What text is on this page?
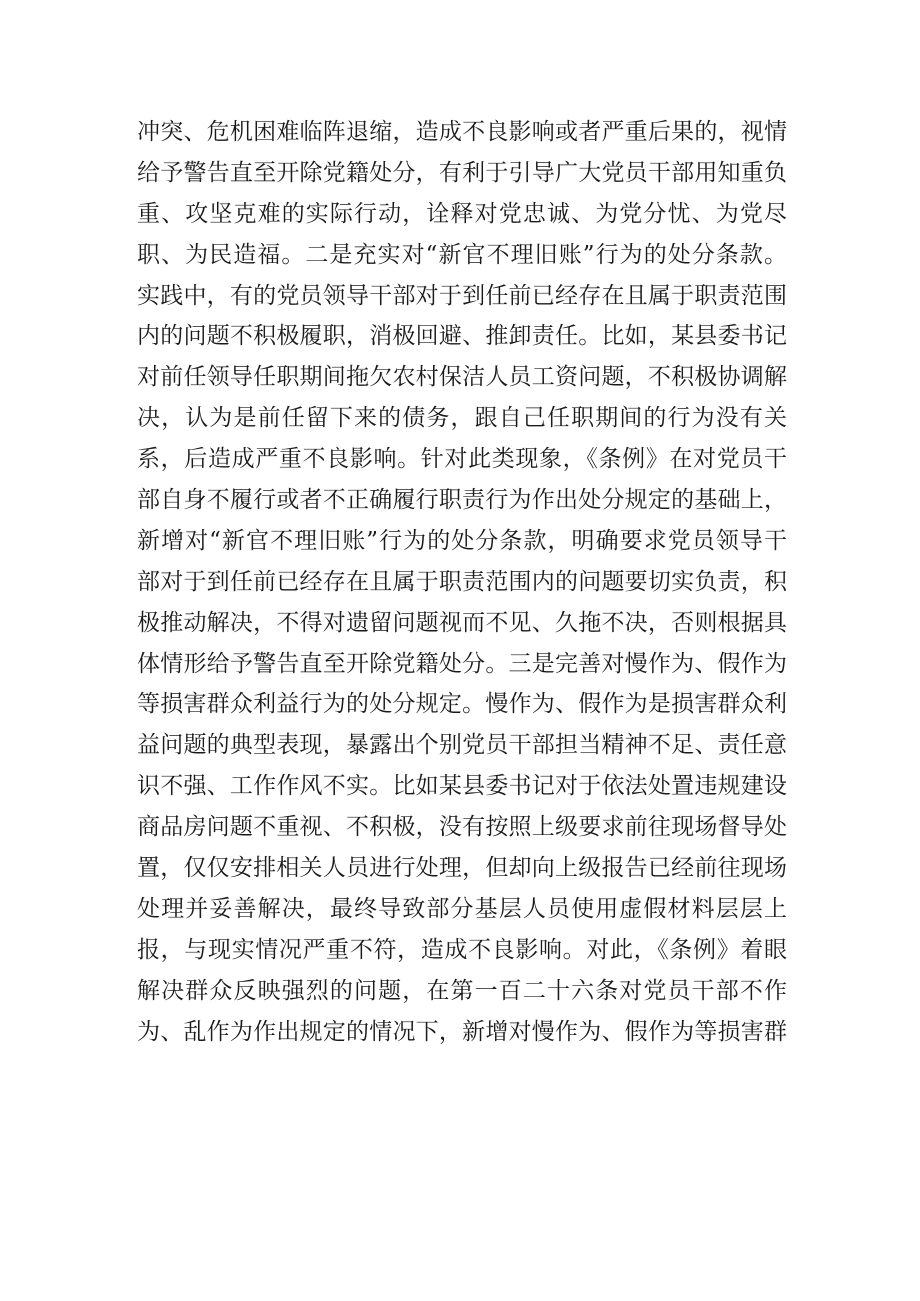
冲突、危机困难临阵退缩，造成不良影响或者严重后果的，视情
给予警告直至开除党籍处分，有利于引导广大党员干部用知重负
重、攻坚克难的实际行动，诠释对党忠诚、为党分忧、为党尽
职、为民造福。二是充实对“新官不理旧账”行为的处分条款。
实践中，有的党员领导干部对于到任前已经存在且属于职责范围
内的问题不积极履职，消极回避、推卸责任。比如，某县委书记
对前任领导任职期间拖欠农村保洁人员工资问题，不积极协调解
决，认为是前任留下来的债务，跟自己任职期间的行为没有关
系，后造成严重不良影响。针对此类现象，《条例》在对党员干
部自身不履行或者不正确履行职责行为作出处分规定的基础上，
新增对“新官不理旧账”行为的处分条款，明确要求党员领导干
部对于到任前已经存在且属于职责范围内的问题要切实负责，积
极推动解决，不得对遗留问题视而不见、久拖不决，否则根据具
体情形给予警告直至开除党籍处分。三是完善对慢作为、假作为
等损害群众利益行为的处分规定。慢作为、假作为是损害群众利
益问题的典型表现，暴露出个别党员干部担当精神不足、责任意
识不强、工作作风不实。比如某县委书记对于依法处置违规建设
商品房问题不重视、不积极，没有按照上级要求前往现场督导处
置，仅仅安排相关人员进行处理，但却向上级报告已经前往现场
处理并妥善解决，最终导致部分基层人员使用虚假材料层层上
报，与现实情况严重不符，造成不良影响。对此，《条例》着眼
解决群众反映强烈的问题，在第一百二十六条对党员干部不作
为、乱作为作出规定的情况下，新增对慢作为、假作为等损害群
